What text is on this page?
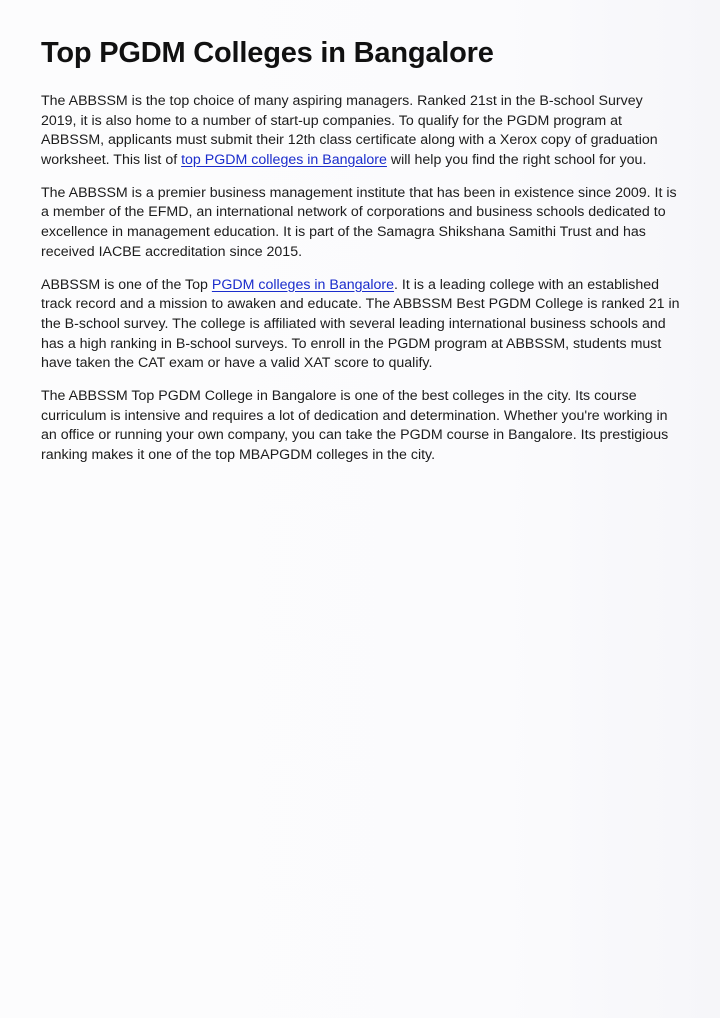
Top PGDM Colleges in Bangalore

The ABBSSM is the top choice of many aspiring managers. Ranked 21st in the B-school Survey 2019, it is also home to a number of start-up companies. To qualify for the PGDM program at ABBSSM, applicants must submit their 12th class certificate along with a Xerox copy of graduation worksheet. This list of top PGDM colleges in Bangalore will help you find the right school for you.

The ABBSSM is a premier business management institute that has been in existence since 2009. It is a member of the EFMD, an international network of corporations and business schools dedicated to excellence in management education. It is part of the Samagra Shikshana Samithi Trust and has received IACBE accreditation since 2015.

ABBSSM is one of the Top PGDM colleges in Bangalore. It is a leading college with an established track record and a mission to awaken and educate. The ABBSSM Best PGDM College is ranked 21 in the B-school survey. The college is affiliated with several leading international business schools and has a high ranking in B-school surveys. To enroll in the PGDM program at ABBSSM, students must have taken the CAT exam or have a valid XAT score to qualify.

The ABBSSM Top PGDM College in Bangalore is one of the best colleges in the city. Its course curriculum is intensive and requires a lot of dedication and determination. Whether you're working in an office or running your own company, you can take the PGDM course in Bangalore. Its prestigious ranking makes it one of the top MBAPGDM colleges in the city.
